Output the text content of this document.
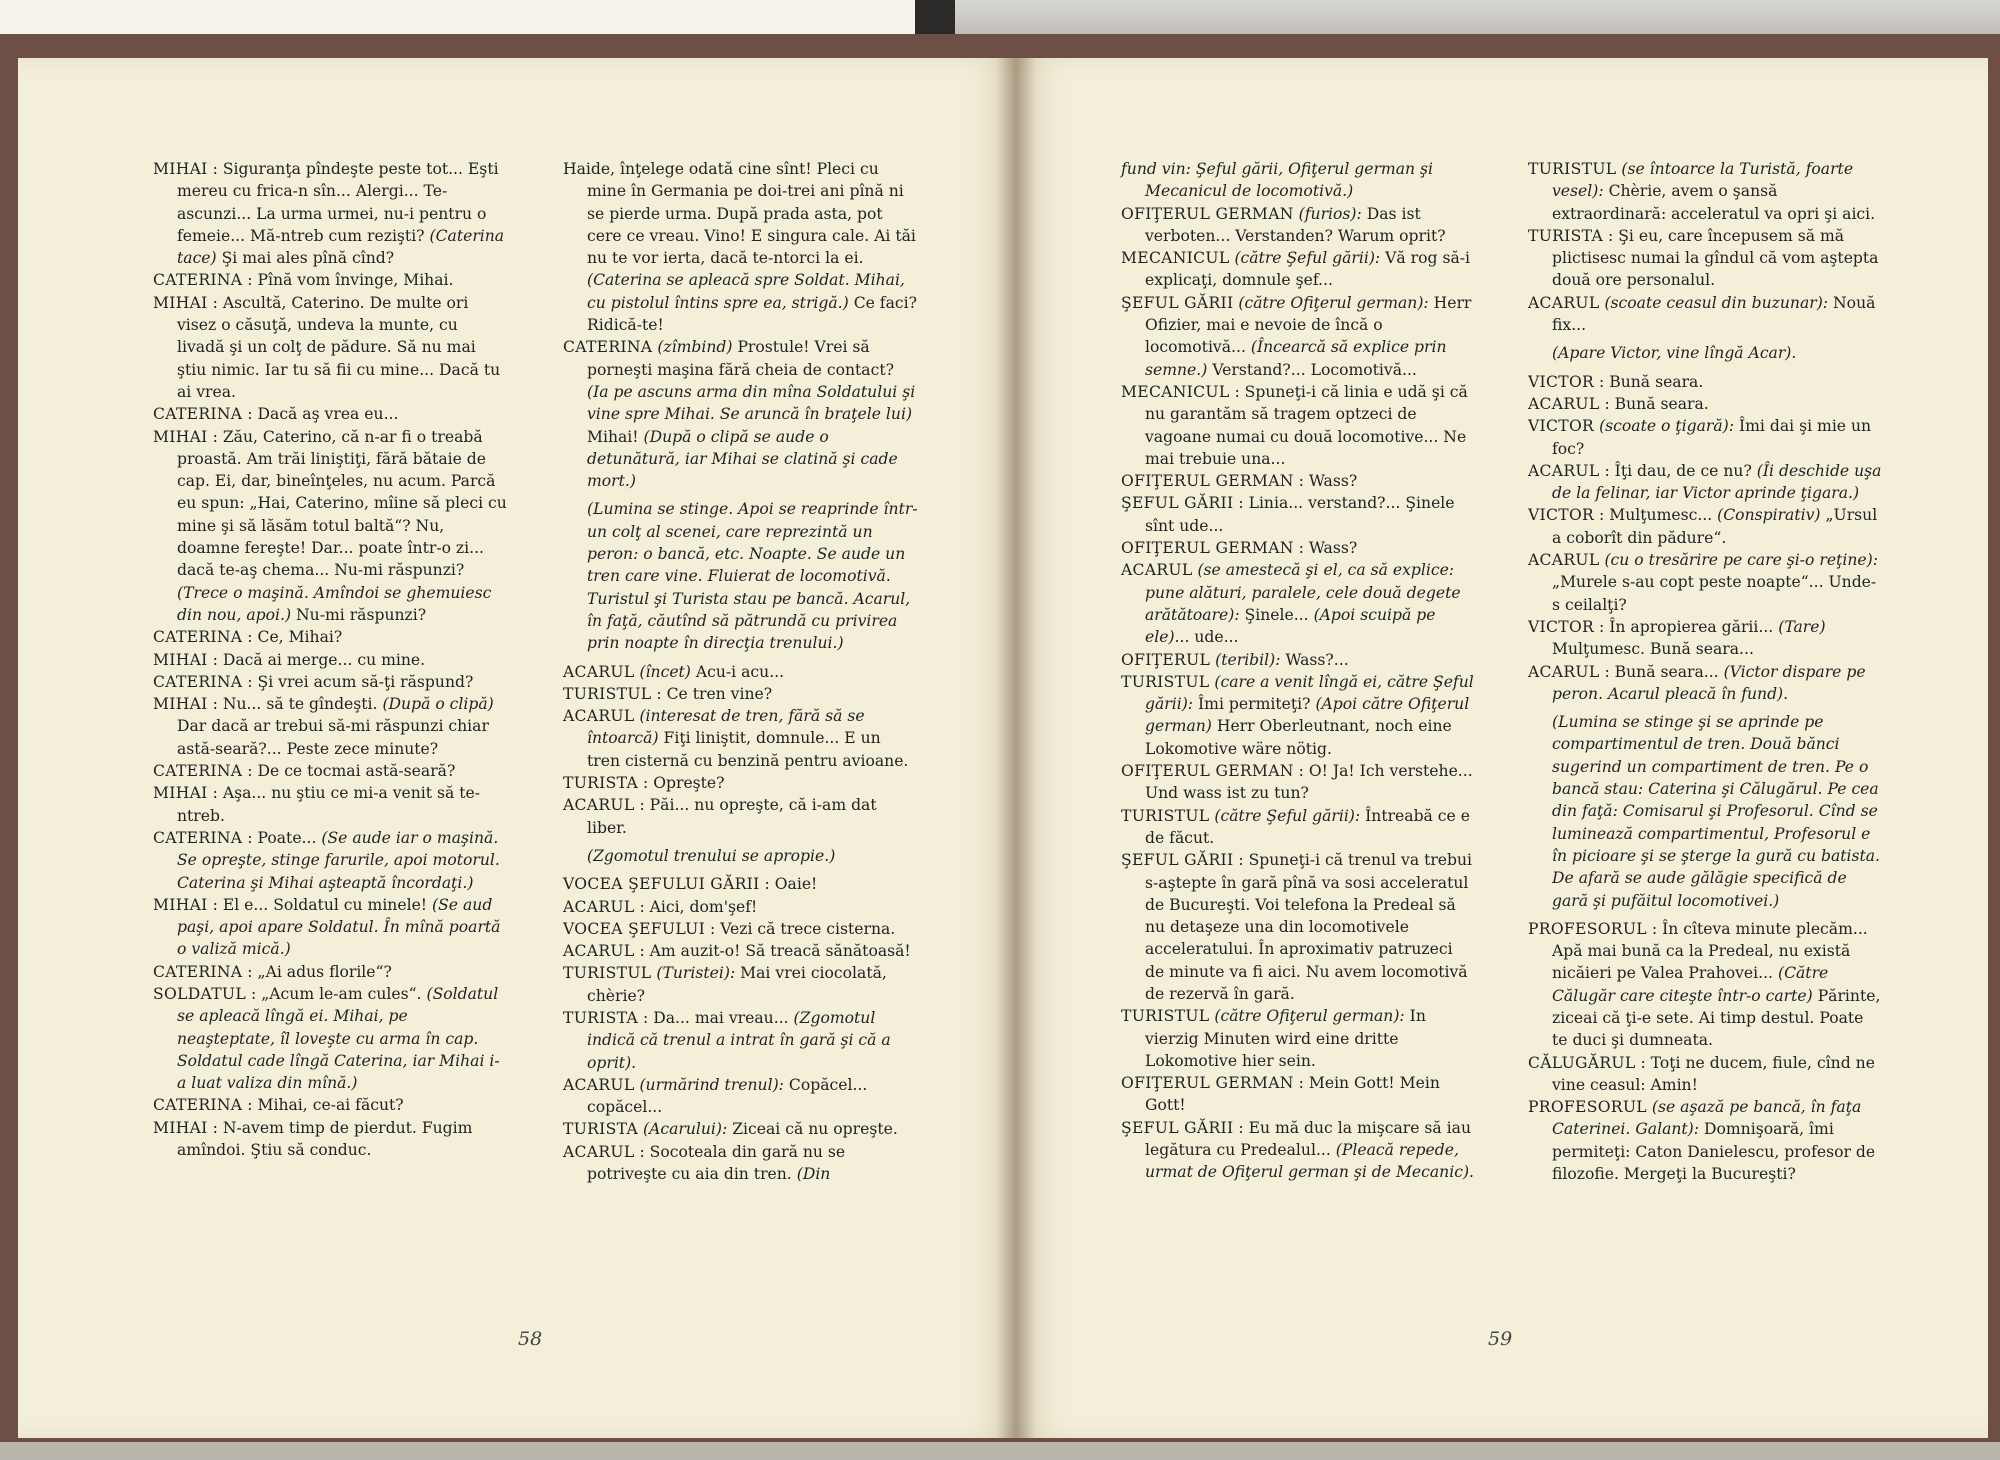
MIHAI : Siguranţa pîndeşte peste tot... Eşti mereu cu frica-n sîn... Alergi... Te-ascunzi... La urma urmei, nu-i pentru o femeie... Mă-ntreb cum rezişti? (Caterina tace) Şi mai ales pînă cînd?

CATERINA : Pînă vom învinge, Mihai.

MIHAI : Ascultă, Caterino. De multe ori visez o căsuţă, undeva la munte, cu livadă şi un colţ de pădure. Să nu mai ştiu nimic. Iar tu să fii cu mine... Dacă tu ai vrea.

CATERINA : Dacă aş vrea eu...

MIHAI : Zău, Caterino, că n-ar fi o treabă proastă. Am trăi liniştiţi, fără bătaie de cap. Ei, dar, bineînţeles, nu acum. Parcă eu spun: „Hai, Caterino, mîine să pleci cu mine şi să lăsăm totul baltă“? Nu, doamne fereşte! Dar... poate într-o zi... dacă te-aş chema... Nu-mi răspunzi? (Trece o maşină. Amîndoi se ghemuiesc din nou, apoi.) Nu-mi răspunzi?

CATERINA : Ce, Mihai?

MIHAI : Dacă ai merge... cu mine.

CATERINA : Şi vrei acum să-ţi răspund?

MIHAI : Nu... să te gîndeşti. (După o clipă) Dar dacă ar trebui să-mi răspunzi chiar astă-seară?... Peste zece minute?

CATERINA : De ce tocmai astă-seară?

MIHAI : Aşa... nu ştiu ce mi-a venit să te-ntreb.

CATERINA : Poate... (Se aude iar o maşină. Se opreşte, stinge farurile, apoi motorul. Caterina şi Mihai aşteaptă încordaţi.)

MIHAI : El e... Soldatul cu minele! (Se aud paşi, apoi apare Soldatul. În mînă poartă o valiză mică.)

CATERINA : „Ai adus florile“?

SOLDATUL : „Acum le-am cules“. (Soldatul se apleacă lîngă ei. Mihai, pe neaşteptate, îl loveşte cu arma în cap. Soldatul cade lîngă Caterina, iar Mihai i-a luat valiza din mînă.)

CATERINA : Mihai, ce-ai făcut?

MIHAI : N-avem timp de pierdut. Fugim amîndoi. Ştiu să conduc.

Haide, înţelege odată cine sînt! Pleci cu mine în Germania pe doi-trei ani pînă ni se pierde urma. După prada asta, pot cere ce vreau. Vino! E singura cale. Ai tăi nu te vor ierta, dacă te-ntorci la ei. (Caterina se apleacă spre Soldat. Mihai, cu pistolul întins spre ea, strigă.) Ce faci? Ridică-te!

CATERINA (zîmbind) Prostule! Vrei să porneşti maşina fără cheia de contact? (Ia pe ascuns arma din mîna Soldatului şi vine spre Mihai. Se aruncă în braţele lui) Mihai! (După o clipă se aude o detunătură, iar Mihai se clatină şi cade mort.)

(Lumina se stinge. Apoi se reaprinde într-un colţ al scenei, care reprezintă un peron: o bancă, etc. Noapte. Se aude un tren care vine. Fluierat de locomotivă. Turistul şi Turista stau pe bancă. Acarul, în faţă, căutînd să pătrundă cu privirea prin noapte în direcţia trenului.)

ACARUL (încet) Acu-i acu...

TURISTUL : Ce tren vine?

ACARUL (interesat de tren, fără să se întoarcă) Fiţi liniştit, domnule... E un tren cisternă cu benzină pentru avioane.

TURISTA : Opreşte?

ACARUL : Păi... nu opreşte, că i-am dat liber.

(Zgomotul trenului se apropie.)

VOCEA ŞEFULUI GĂRII : Oaie!

ACARUL : Aici, dom'şef!

VOCEA ŞEFULUI : Vezi că trece cisterna.

ACARUL : Am auzit-o! Să treacă sănătoasă!

TURISTUL (Turistei): Mai vrei ciocolată, chèrie?

TURISTA : Da... mai vreau... (Zgomotul indică că trenul a intrat în gară şi că a oprit).

ACARUL (urmărind trenul): Copăcel... copăcel...

TURISTA (Acarului): Ziceai că nu opreşte.

ACARUL : Socoteala din gară nu se potriveşte cu aia din tren. (Din

58

fund vin: Şeful gării, Ofiţerul german şi Mecanicul de locomotivă.)

OFIŢERUL GERMAN (furios): Das ist verboten... Verstanden? Warum oprit?

MECANICUL (către Şeful gării): Vă rog să-i explicaţi, domnule şef...

ŞEFUL GĂRII (către Ofiţerul german): Herr Ofizier, mai e nevoie de încă o locomotivă... (Încearcă să explice prin semne.) Verstand?... Locomotivă...

MECANICUL : Spuneţi-i că linia e udă şi că nu garantăm să tragem optzeci de vagoane numai cu două locomotive... Ne mai trebuie una...

OFIŢERUL GERMAN : Wass?

ŞEFUL GĂRII : Linia... verstand?... Şinele sînt ude...

OFIŢERUL GERMAN : Wass?

ACARUL (se amestecă şi el, ca să explice: pune alături, paralele, cele două degete arătătoare): Şinele... (Apoi scuipă pe ele)... ude...

OFIŢERUL (teribil): Wass?...

TURISTUL (care a venit lîngă ei, către Şeful gării): Îmi permiteţi? (Apoi către Ofiţerul german) Herr Oberleutnant, noch eine Lokomotive wäre nötig.

OFIŢERUL GERMAN : O! Ja! Ich verstehe... Und wass ist zu tun?

TURISTUL (către Şeful gării): Întreabă ce e de făcut.

ŞEFUL GĂRII : Spuneţi-i că trenul va trebui s-aştepte în gară pînă va sosi acceleratul de Bucureşti. Voi telefona la Predeal să nu detaşeze una din locomotivele acceleratului. În aproximativ patruzeci de minute va fi aici. Nu avem locomotivă de rezervă în gară.

TURISTUL (către Ofiţerul german): In vierzig Minuten wird eine dritte Lokomotive hier sein.

OFIŢERUL GERMAN : Mein Gott! Mein Gott!

ŞEFUL GĂRII : Eu mă duc la mişcare să iau legătura cu Predealul... (Pleacă repede, urmat de Ofiţerul german şi de Mecanic).

TURISTUL (se întoarce la Turistă, foarte vesel): Chèrie, avem o şansă extraordinară: acceleratul va opri şi aici.

TURISTA : Şi eu, care începusem să mă plictisesc numai la gîndul că vom aştepta două ore personalul.

ACARUL (scoate ceasul din buzunar): Nouă fix...

(Apare Victor, vine lîngă Acar).

VICTOR : Bună seara.

ACARUL : Bună seara.

VICTOR (scoate o ţigară): Îmi dai şi mie un foc?

ACARUL : Îţi dau, de ce nu? (Îi deschide uşa de la felinar, iar Victor aprinde ţigara.)

VICTOR : Mulţumesc... (Conspirativ) „Ursul a coborît din pădure“.

ACARUL (cu o tresărire pe care şi-o reţine): „Murele s-au copt peste noapte“... Unde-s ceilalţi?

VICTOR : În apropierea gării... (Tare) Mulţumesc. Bună seara...

ACARUL : Bună seara... (Victor dispare pe peron. Acarul pleacă în fund).

(Lumina se stinge şi se aprinde pe compartimentul de tren. Două bănci sugerind un compartiment de tren. Pe o bancă stau: Caterina şi Călugărul. Pe cea din faţă: Comisarul şi Profesorul. Cînd se luminează compartimentul, Profesorul e în picioare şi se şterge la gură cu batista. De afară se aude gălăgie specifică de gară şi pufăitul locomotivei.)

PROFESORUL : În cîteva minute plecăm... Apă mai bună ca la Predeal, nu există nicăieri pe Valea Prahovei... (Către Călugăr care citeşte într-o carte) Părinte, ziceai că ţi-e sete. Ai timp destul. Poate te duci şi dumneata.

CĂLUGĂRUL : Toţi ne ducem, fiule, cînd ne vine ceasul: Amin!

PROFESORUL (se aşază pe bancă, în faţa Caterinei. Galant): Domnişoară, îmi permiteţi: Caton Danielescu, profesor de filozofie. Mergeţi la Bucureşti?

59
